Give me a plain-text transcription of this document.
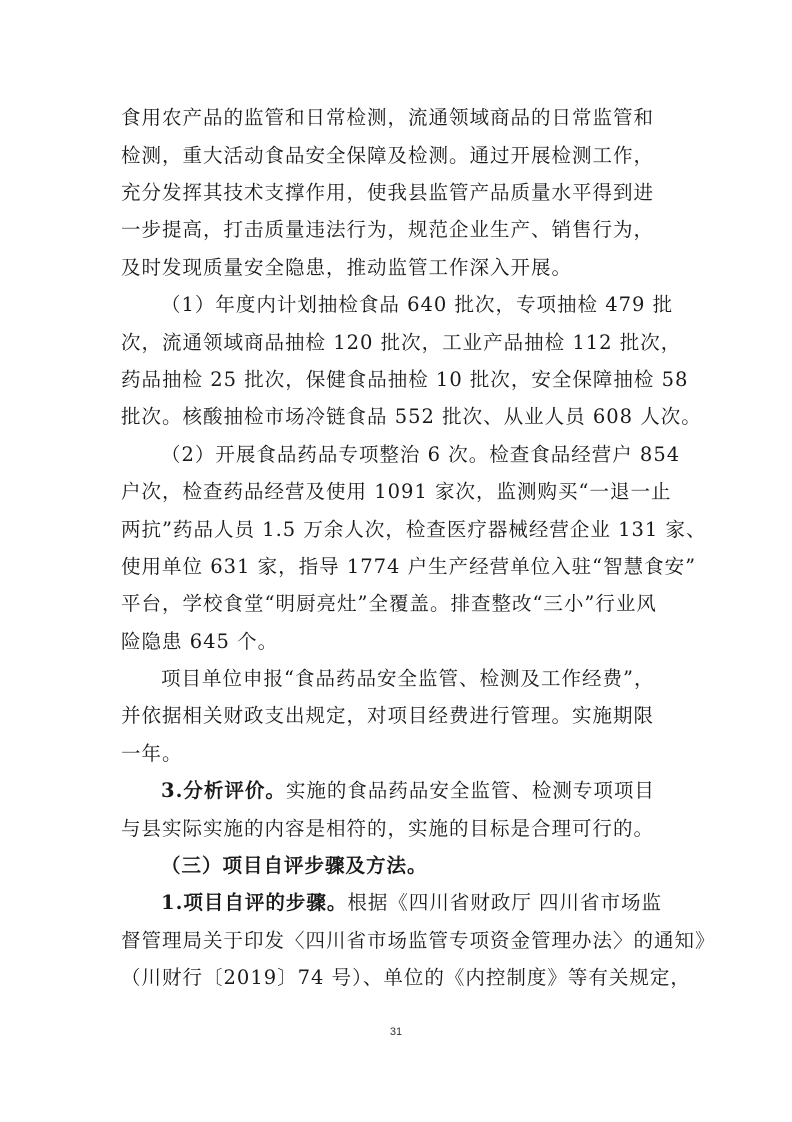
食用农产品的监管和日常检测，流通领域商品的日常监管和
检测，重大活动食品安全保障及检测。通过开展检测工作，
充分发挥其技术支撑作用，使我县监管产品质量水平得到进
一步提高，打击质量违法行为，规范企业生产、销售行为，
及时发现质量安全隐患，推动监管工作深入开展。
（1）年度内计划抽检食品 640 批次，专项抽检 479 批
次，流通领域商品抽检 120 批次，工业产品抽检 112 批次，
药品抽检 25 批次，保健食品抽检 10 批次，安全保障抽检 58
批次。核酸抽检市场冷链食品 552 批次、从业人员 608 人次。
（2）开展食品药品专项整治 6 次。检查食品经营户 854
户次，检查药品经营及使用 1091 家次，监测购买“一退一止
两抗”药品人员 1.5 万余人次，检查医疗器械经营企业 131 家、
使用单位 631 家，指导 1774 户生产经营单位入驻“智慧食安”
平台，学校食堂“明厨亮灶”全覆盖。排查整改“三小”行业风
险隐患 645 个。
项目单位申报“食品药品安全监管、检测及工作经费”，
并依据相关财政支出规定，对项目经费进行管理。实施期限
一年。
3.分析评价。实施的食品药品安全监管、检测专项项目
与县实际实施的内容是相符的，实施的目标是合理可行的。
（三）项目自评步骤及方法。
1.项目自评的步骤。根据《四川省财政厅 四川省市场监
督管理局关于印发〈四川省市场监管专项资金管理办法〉的通知》
（川财行〔2019〕74 号）、单位的《内控制度》等有关规定，
31
